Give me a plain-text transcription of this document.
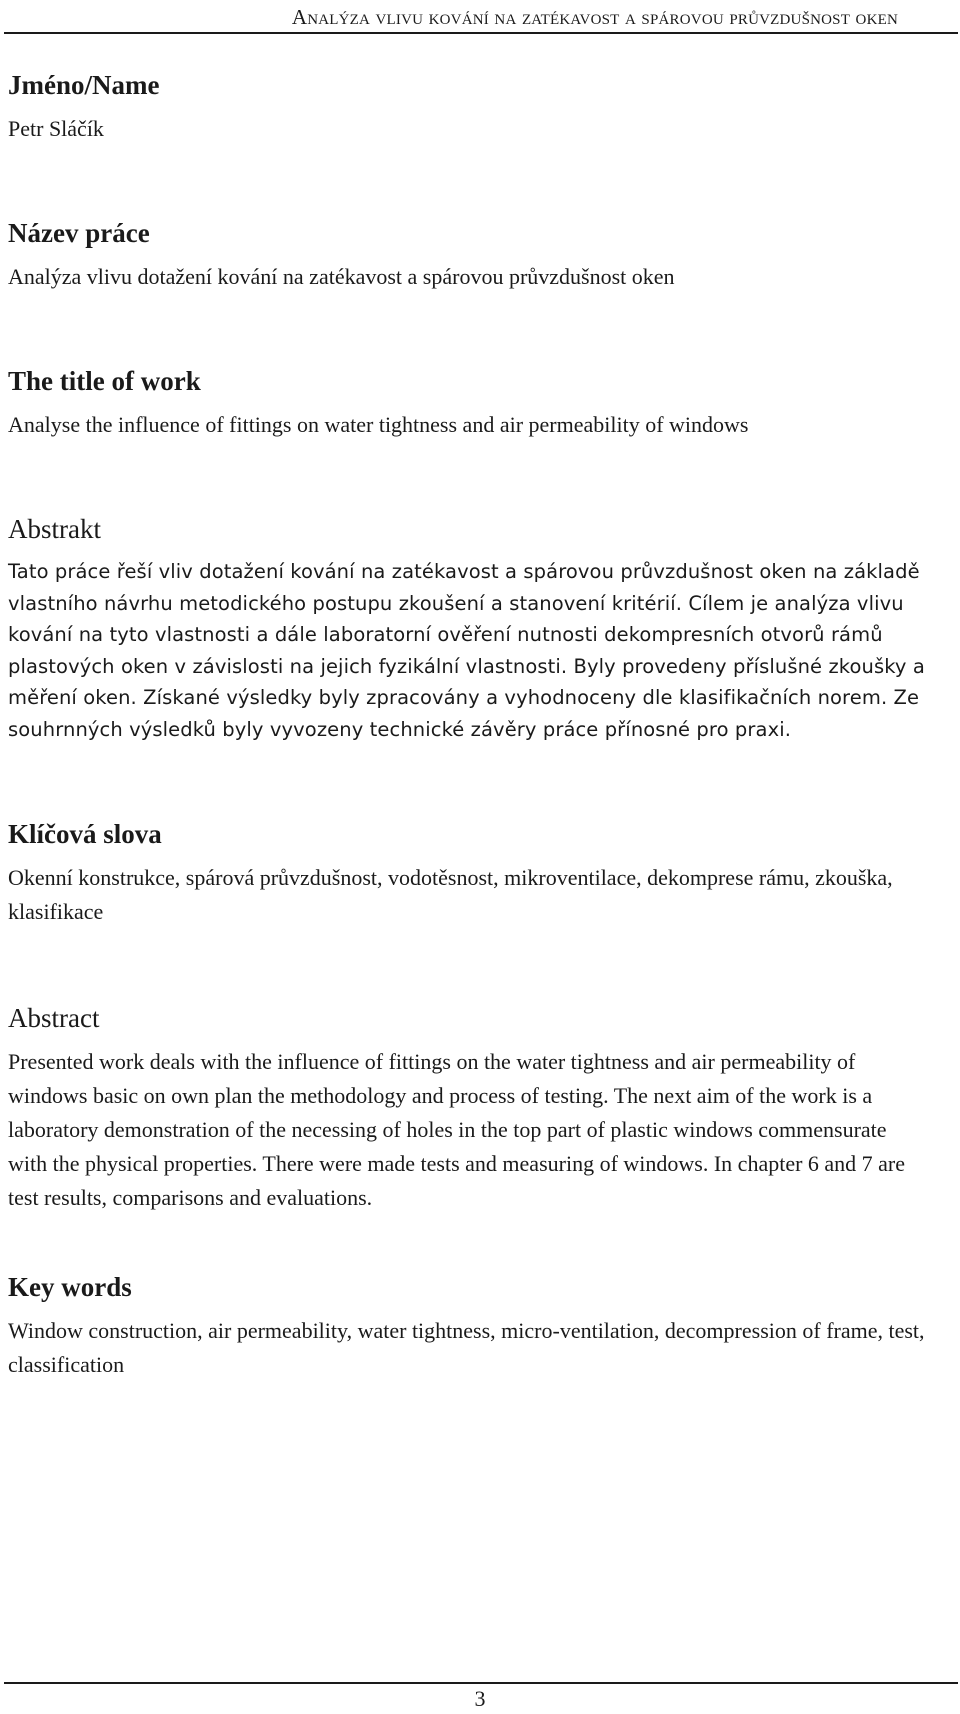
Analýza vlivu kování na zatékavost a spárovou průvzdušnost oken
Jméno/Name

Petr Sláčík

Název práce

Analýza vlivu dotažení kování na zatékavost a spárovou průvzdušnost oken

The title of work

Analyse the influence of fittings on water tightness and air permeability of windows

Abstrakt

Tato práce řeší vliv dotažení kování na zatékavost a spárovou průvzdušnost oken na základě vlastního návrhu metodického postupu zkoušení a stanovení kritérií. Cílem je analýza vlivu kování na tyto vlastnosti a dále laboratorní ověření nutnosti dekompresních otvorů rámů plastových oken v závislosti na jejich fyzikální vlastnosti. Byly provedeny příslušné zkoušky a měření oken. Získané výsledky byly zpracovány a vyhodnoceny dle klasifikačních norem. Ze souhrnných výsledků byly vyvozeny technické závěry práce přínosné pro praxi.

Klíčová slova

Okenní konstrukce, spárová průvzdušnost, vodotěsnost, mikroventilace, dekomprese rámu, zkouška, klasifikace

Abstract

Presented work deals with the influence of fittings on the water tightness and air permeability of windows basic on own plan the methodology and process of testing. The next aim of the work is a laboratory demonstration of the necessing of holes in the top part of plastic windows commensurate with the physical properties. There were made tests and measuring of windows. In chapter 6 and 7 are test results, comparisons and evaluations.

Key words

Window construction, air permeability, water tightness, micro-ventilation, decompression of frame, test, classification

3
